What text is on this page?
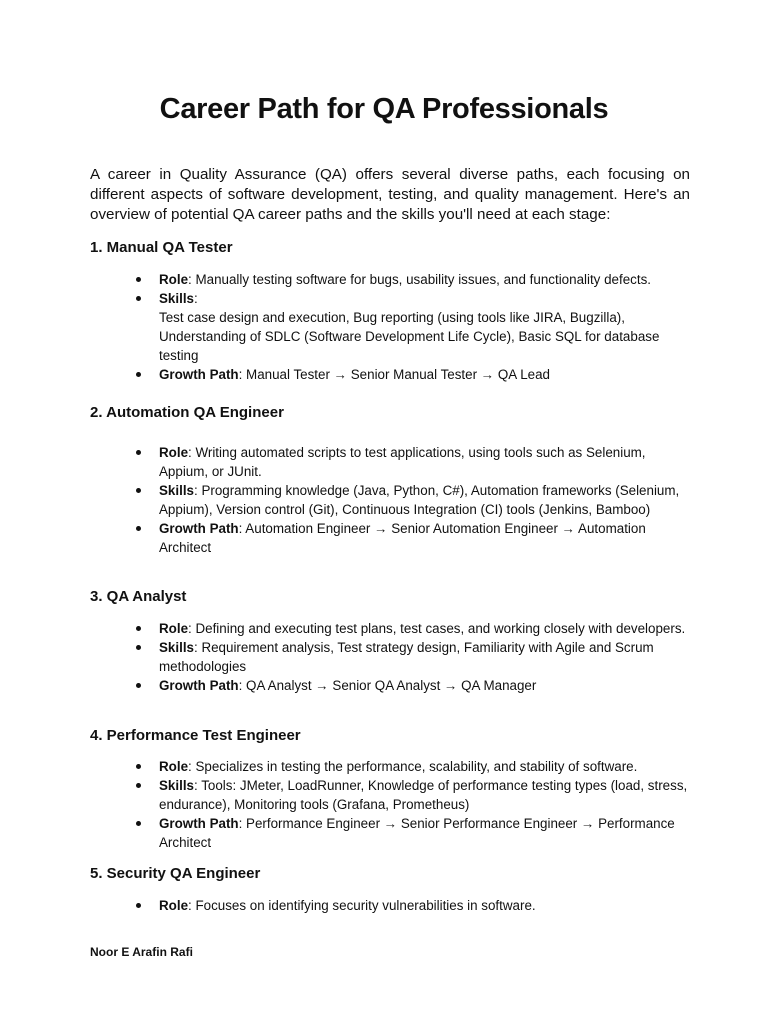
Career Path for QA Professionals

A career in Quality Assurance (QA) offers several diverse paths, each focusing on different aspects of software development, testing, and quality management. Here's an overview of potential QA career paths and the skills you'll need at each stage:

1. Manual QA Tester
Role: Manually testing software for bugs, usability issues, and functionality defects.
Skills:
Test case design and execution, Bug reporting (using tools like JIRA, Bugzilla), Understanding of SDLC (Software Development Life Cycle), Basic SQL for database testing
Growth Path: Manual Tester → Senior Manual Tester → QA Lead
2. Automation QA Engineer
Role: Writing automated scripts to test applications, using tools such as Selenium, Appium, or JUnit.
Skills: Programming knowledge (Java, Python, C#), Automation frameworks (Selenium, Appium), Version control (Git), Continuous Integration (CI) tools (Jenkins, Bamboo)
Growth Path: Automation Engineer → Senior Automation Engineer → Automation Architect
3. QA Analyst
Role: Defining and executing test plans, test cases, and working closely with developers.
Skills: Requirement analysis, Test strategy design, Familiarity with Agile and Scrum methodologies
Growth Path: QA Analyst → Senior QA Analyst → QA Manager
4. Performance Test Engineer
Role: Specializes in testing the performance, scalability, and stability of software.
Skills: Tools: JMeter, LoadRunner, Knowledge of performance testing types (load, stress, endurance), Monitoring tools (Grafana, Prometheus)
Growth Path: Performance Engineer → Senior Performance Engineer → Performance Architect
5. Security QA Engineer
Role: Focuses on identifying security vulnerabilities in software.

Noor E Arafin Rafi
